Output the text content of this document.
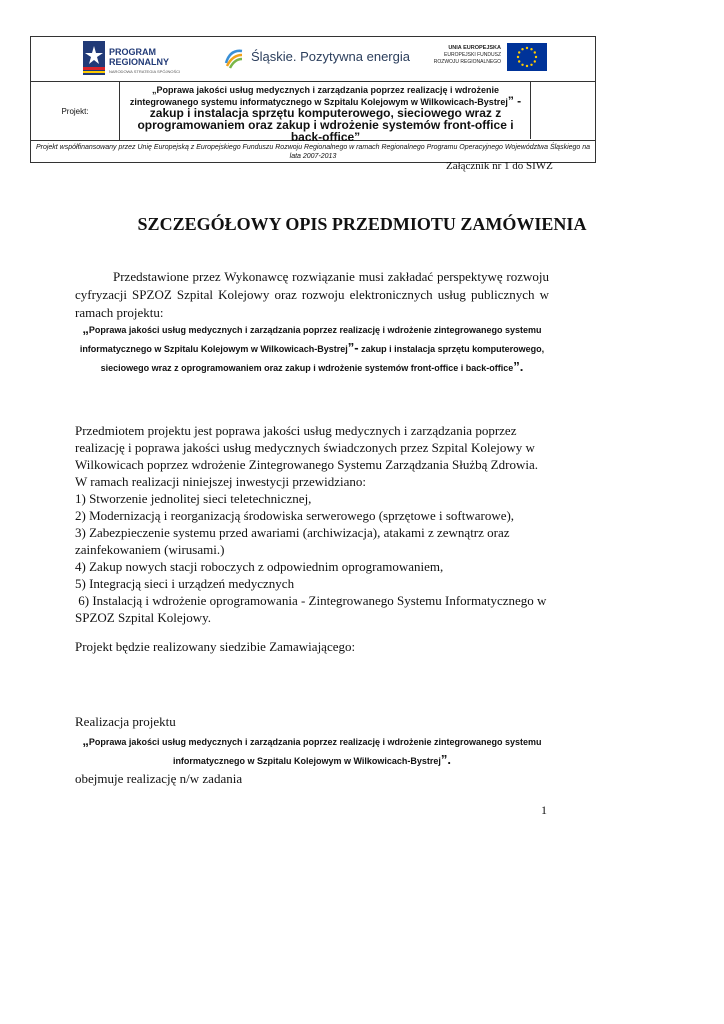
PROGRAM
REGIONALNY
NARODOWA STRATEGIA SPÓJNOŚCI
Śląskie. Pozytywna energia
UNIA EUROPEJSKA
EUROPEJSKI FUNDUSZ
ROZWOJU REGIONALNEGO
Projekt:
„Poprawa jakości usług medycznych i zarządzania poprzez realizację i wdrożenie zintegrowanego systemu informatycznego w Szpitalu Kolejowym w Wilkowicach-Bystrej” - zakup i instalacja sprzętu komputerowego, sieciowego wraz z oprogramowaniem oraz zakup i wdrożenie systemów front-office i back-office”
Projekt współfinansowany przez Unię Europejską z Europejskiego Funduszu Rozwoju Regionalnego w ramach Regionalnego Programu Operacyjnego Województwa Śląskiego na lata 2007-2013
Załącznik nr 1 do SIWZ
SZCZEGÓŁOWY OPIS PRZEDMIOTU ZAMÓWIENIA
Przedstawione przez Wykonawcę rozwiązanie musi zakładać perspektywę rozwoju cyfryzacji SPZOZ Szpital Kolejowy oraz rozwoju elektronicznych usług publicznych w ramach projektu:
„Poprawa jakości usług medycznych i zarządzania poprzez realizację i wdrożenie zintegrowanego systemu informatycznego w Szpitalu Kolejowym w Wilkowicach-Bystrej”- zakup i instalacja sprzętu komputerowego, sieciowego wraz z oprogramowaniem oraz zakup i wdrożenie systemów front-office i back-office”.
Przedmiotem projektu jest poprawa jakości usług medycznych i zarządzania poprzez realizację i poprawa jakości usług medycznych świadczonych przez Szpital Kolejowy w Wilkowicach poprzez wdrożenie Zintegrowanego Systemu Zarządzania Służbą Zdrowia. W ramach realizacji niniejszej inwestycji przewidziano:
1) Stworzenie jednolitej sieci teletechnicznej,
2) Modernizacją i reorganizacją środowiska serwerowego (sprzętowe i softwarowe),
3) Zabezpieczenie systemu przed awariami (archiwizacja), atakami z zewnątrz oraz zainfekowaniem (wirusami.)
4) Zakup nowych stacji roboczych z odpowiednim oprogramowaniem,
5) Integracją sieci i urządzeń medycznych
6) Instalacją i wdrożenie oprogramowania - Zintegrowanego Systemu Informatycznego w SPZOZ Szpital Kolejowy.
Projekt będzie realizowany siedzibie Zamawiającego:
Realizacja projektu
„Poprawa jakości usług medycznych i zarządzania poprzez realizację i wdrożenie zintegrowanego systemu informatycznego w Szpitalu Kolejowym w Wilkowicach-Bystrej”.
obejmuje realizację n/w zadania
1
